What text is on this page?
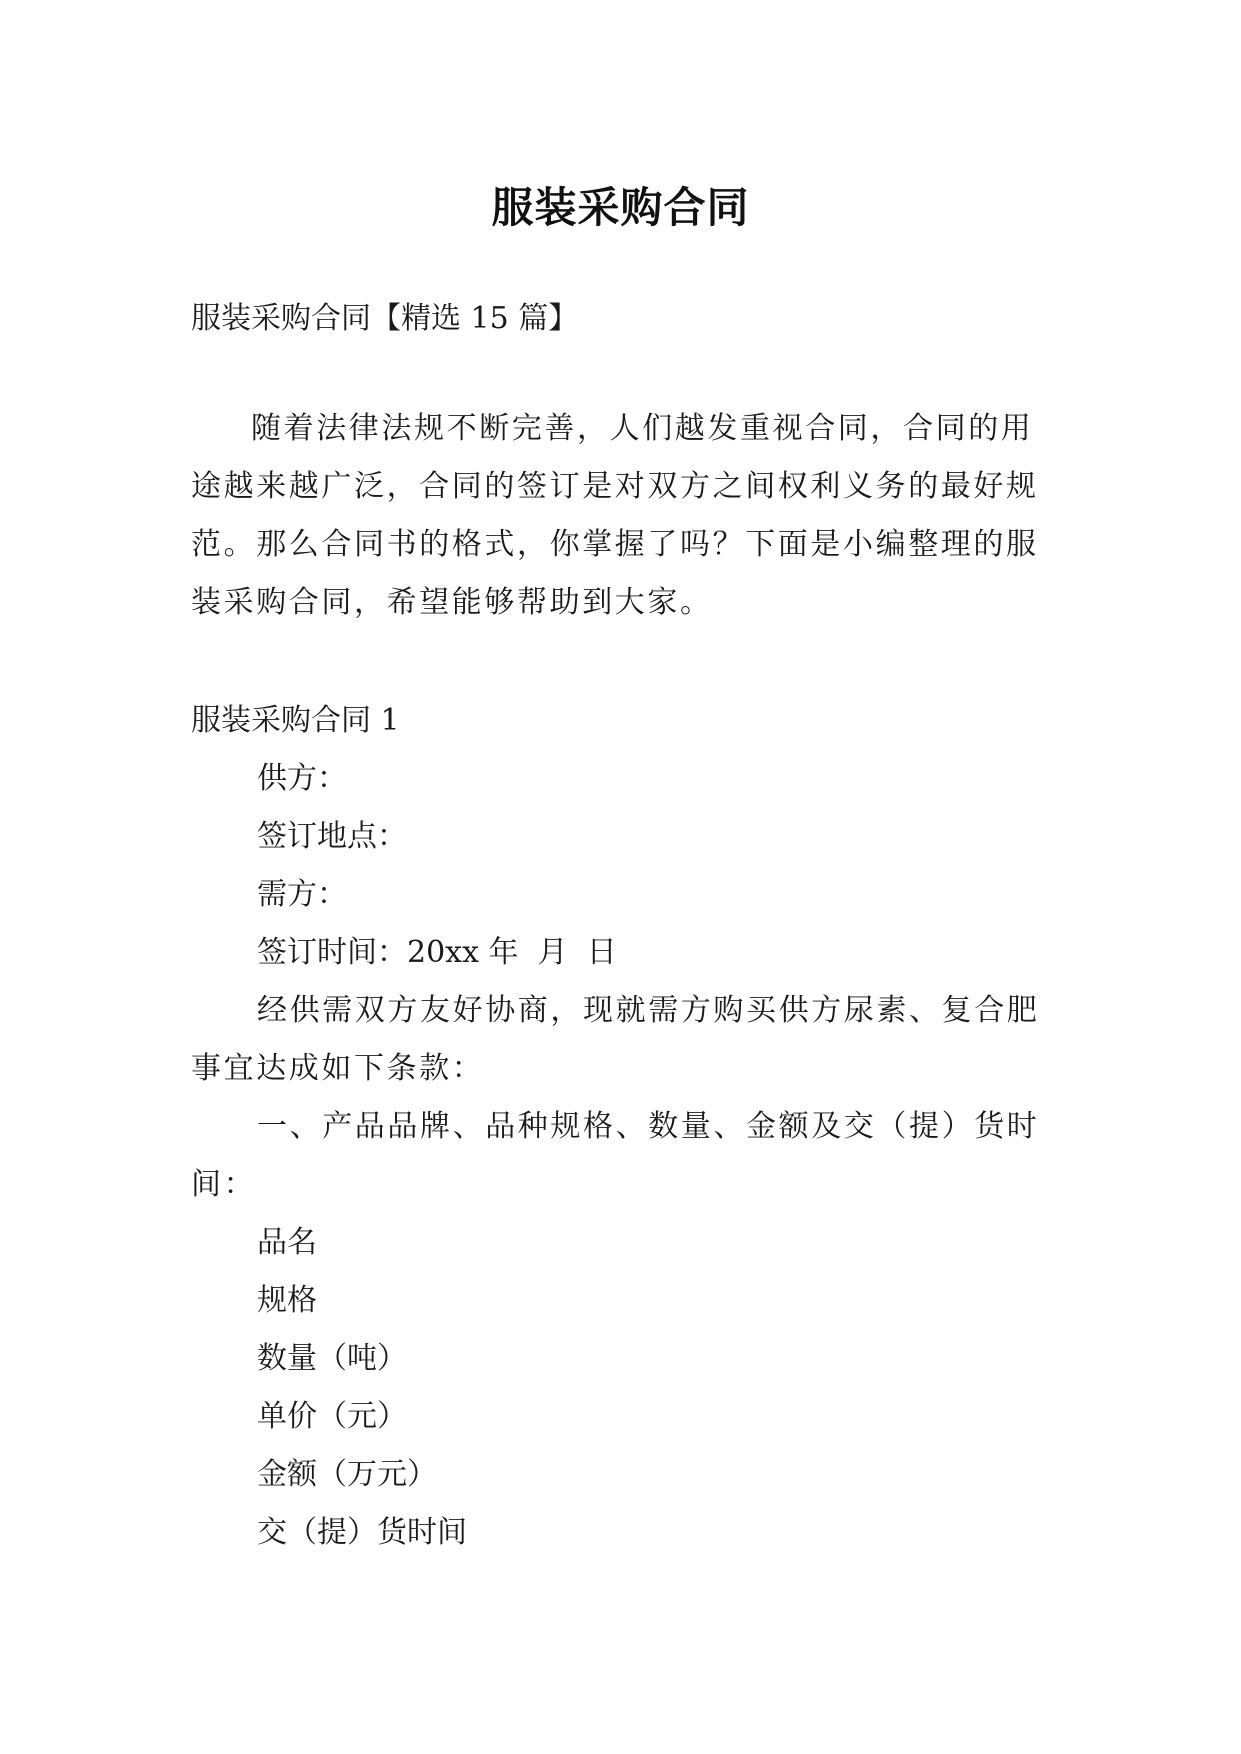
服装采购合同
服装采购合同【精选 15 篇】

随着法律法规不断完善，人们越发重视合同，合同的用途越来越广泛，合同的签订是对双方之间权利义务的最好规范。那么合同书的格式，你掌握了吗？下面是小编整理的服装采购合同，希望能够帮助到大家。

服装采购合同 1

供方：

签订地点：

需方：

签订时间：20xx 年  月  日

经供需双方友好协商，现就需方购买供方尿素、复合肥事宜达成如下条款：

一、产品品牌、品种规格、数量、金额及交（提）货时间：

品名

规格

数量（吨）

单价（元）

金额（万元）

交（提）货时间
